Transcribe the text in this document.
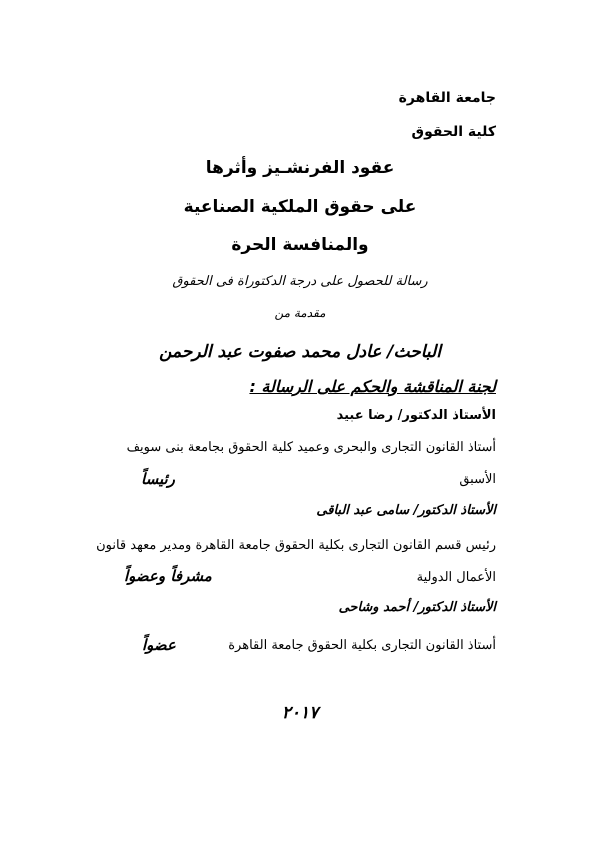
جامعة القاهرة
كلية الحقوق
عقود الفرنشـيز وأثرها
على حقوق الملكية الصناعية
والمنافسة الحرة
رسالة للحصول على درجة الدكتوراة فى الحقوق
مقدمة من
الباحث/ عادل محمد صفوت عبد الرحمن
لجنة المناقشة والحكم على الرسالة :
الأستاذ الدكتور/ رضا عبيد
أستاذ القانون التجارى والبحرى وعميد كلية الحقوق بجامعة بنى سويف
الأسبق
رئيساً
الأستاذ الدكتور/ سامى عبد الباقى
رئيس قسم القانون التجارى بكلية الحقوق جامعة القاهرة ومدير معهد قانون
الأعمال الدولية
مشرفاً وعضواً
الأستاذ الدكتور/ أحمد وشاحى
أستاذ القانون التجارى بكلية الحقوق جامعة القاهرة
عضواً
٢٠١٧
